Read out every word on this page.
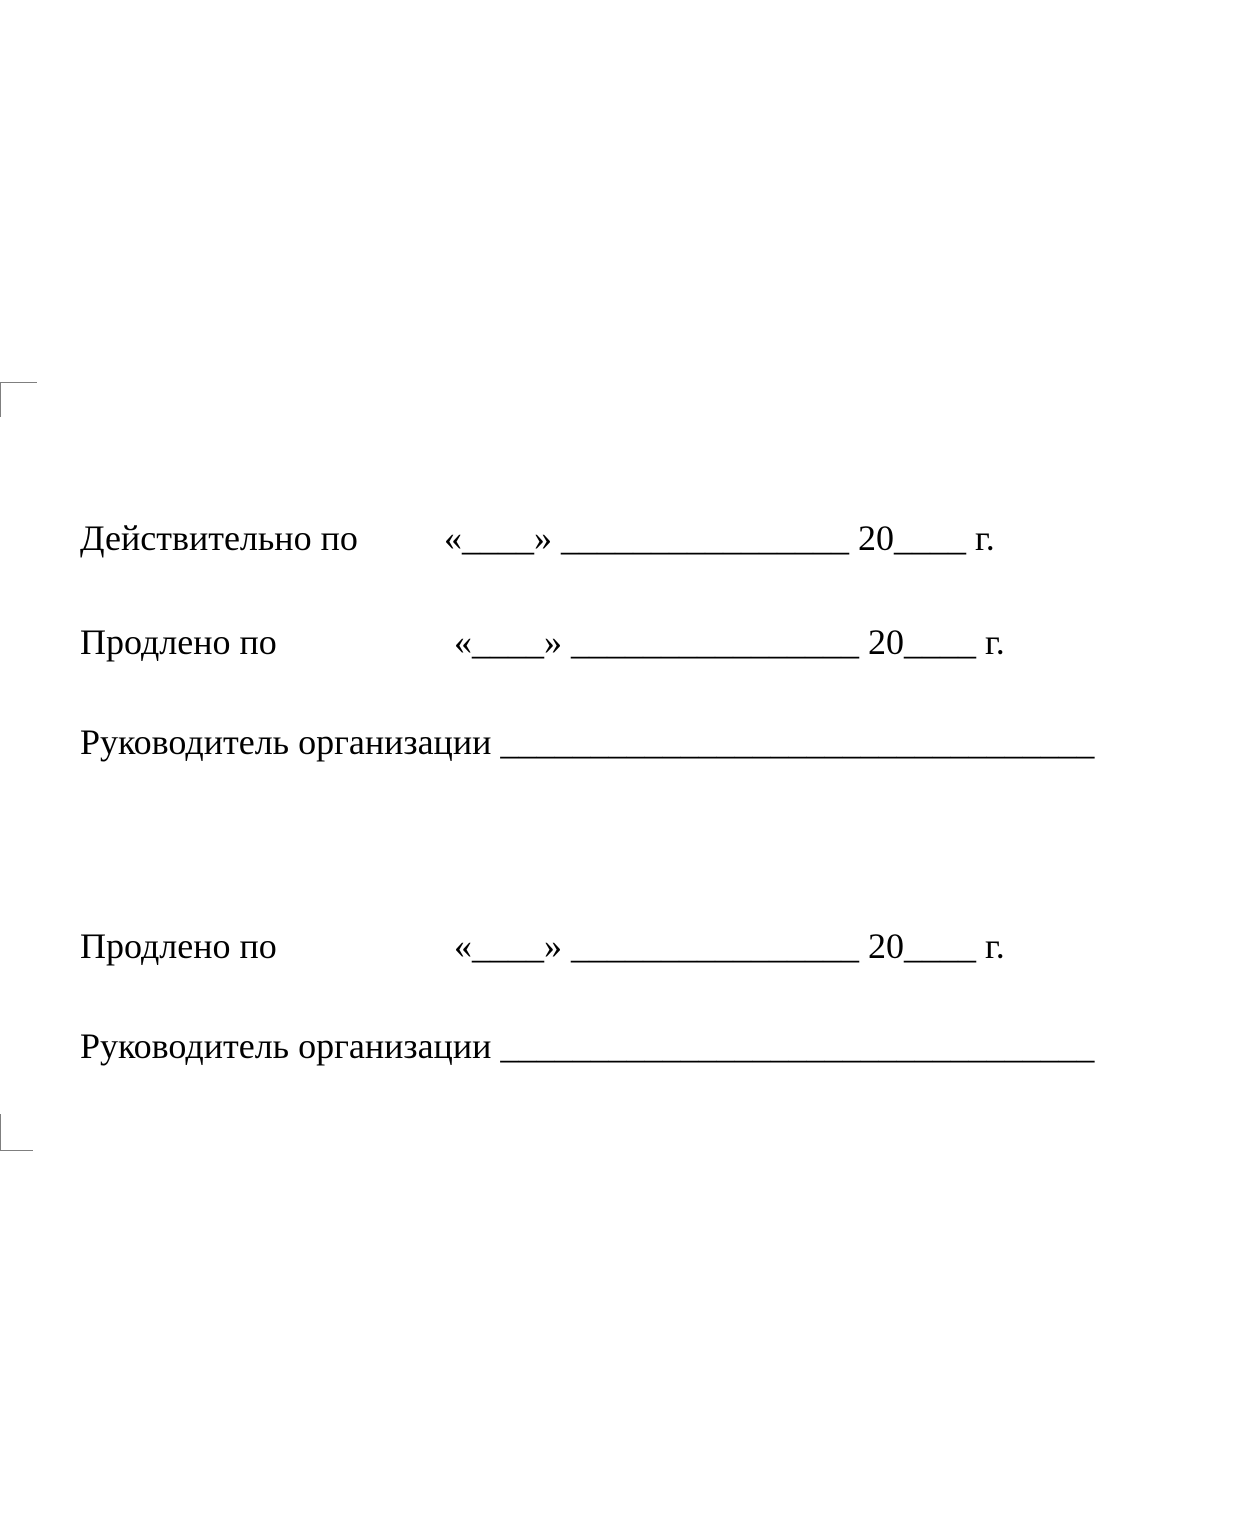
Действительно по «____» ________________ 20____ г.

Продлено по	«____» ________________ 20____ г.

Руководитель организации _________________________________

Продлено по	«____» ________________ 20____ г.

Руководитель организации _________________________________
